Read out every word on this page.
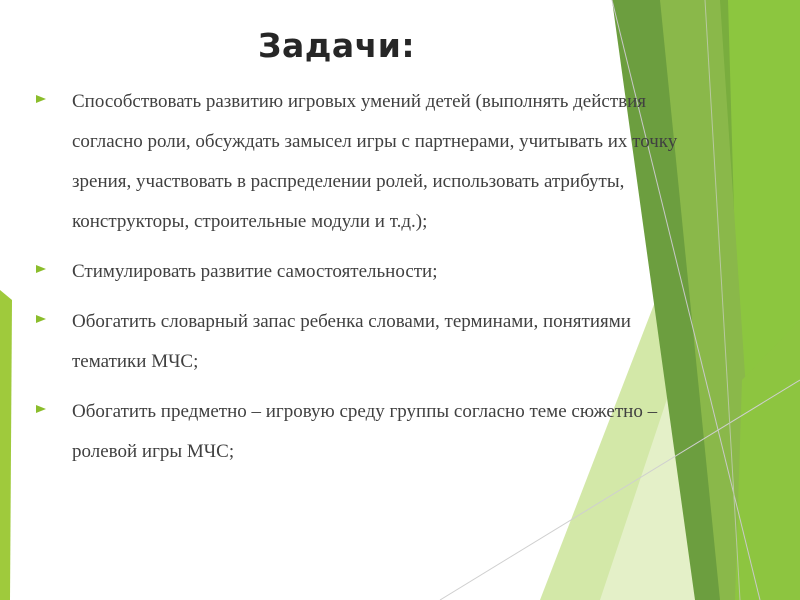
Задачи:
Способствовать развитию игровых умений детей (выполнять действия согласно роли, обсуждать замысел игры с партнерами, учитывать их точку зрения, участвовать в распределении ролей, использовать атрибуты, конструкторы, строительные модули и т.д.);
Стимулировать развитие самостоятельности;
Обогатить словарный запас ребенка словами, терминами, понятиями тематики МЧС;
Обогатить предметно – игровую среду группы согласно теме сюжетно – ролевой игры МЧС;
